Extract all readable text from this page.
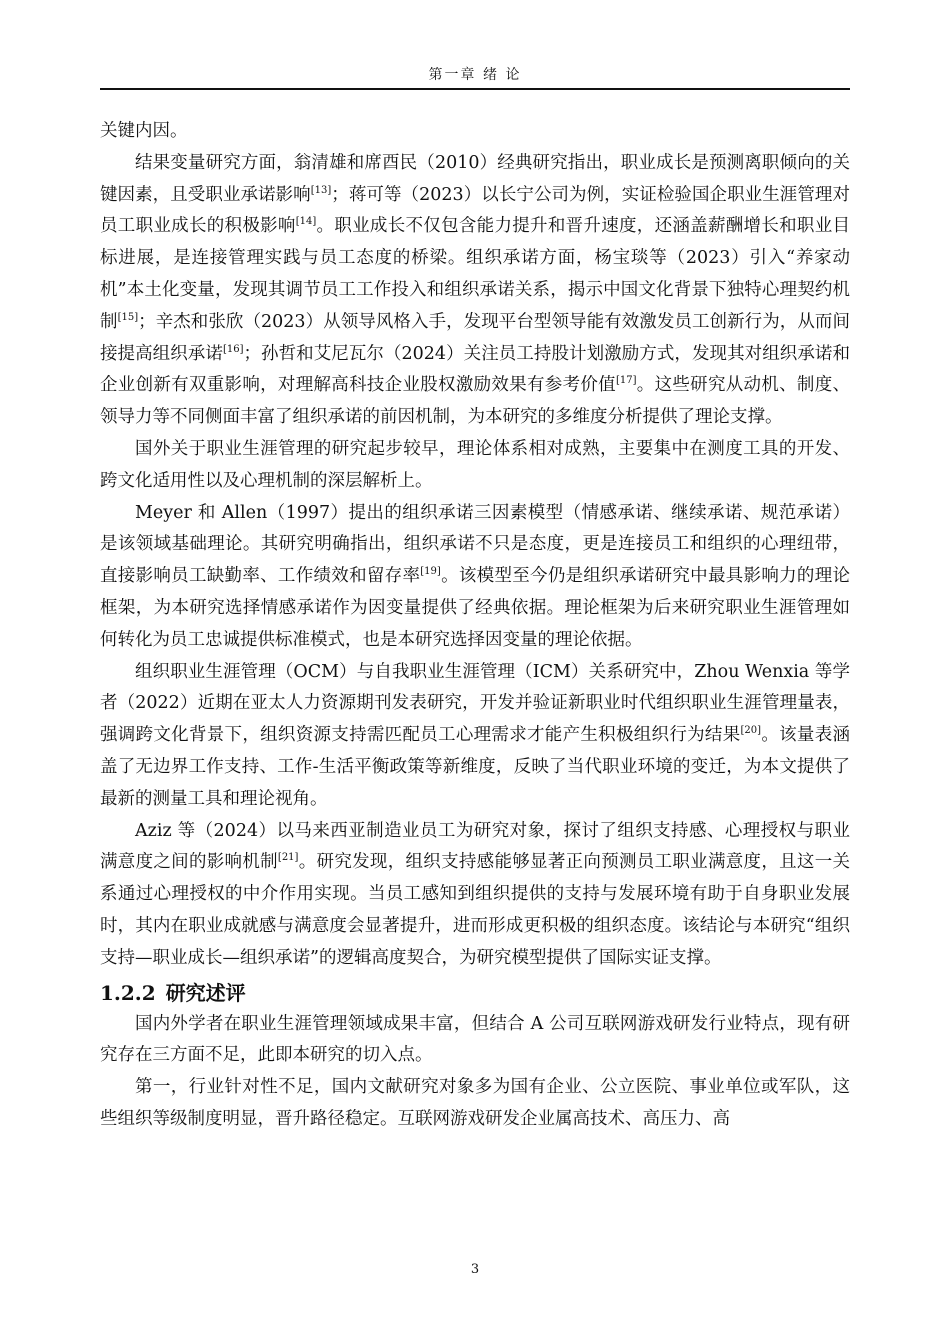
第一章 绪 论

关键内因。

结果变量研究方面，翁清雄和席酉民（2010）经典研究指出，职业成长是预测离职倾向的关键因素，且受职业承诺影响[13]；蒋可等（2023）以长宁公司为例，实证检验国企职业生涯管理对员工职业成长的积极影响[14]。职业成长不仅包含能力提升和晋升速度，还涵盖薪酬增长和职业目标进展，是连接管理实践与员工态度的桥梁。组织承诺方面，杨宝琰等（2023）引入“养家动机”本土化变量，发现其调节员工工作投入和组织承诺关系，揭示中国文化背景下独特心理契约机制[15]；辛杰和张欣（2023）从领导风格入手，发现平台型领导能有效激发员工创新行为，从而间接提高组织承诺[16]；孙哲和艾尼瓦尔（2024）关注员工持股计划激励方式，发现其对组织承诺和企业创新有双重影响，对理解高科技企业股权激励效果有参考价值[17]。这些研究从动机、制度、领导力等不同侧面丰富了组织承诺的前因机制，为本研究的多维度分析提供了理论支撑。

国外关于职业生涯管理的研究起步较早，理论体系相对成熟，主要集中在测度工具的开发、跨文化适用性以及心理机制的深层解析上。

Meyer 和 Allen（1997）提出的组织承诺三因素模型（情感承诺、继续承诺、规范承诺）是该领域基础理论。其研究明确指出，组织承诺不只是态度，更是连接员工和组织的心理纽带，直接影响员工缺勤率、工作绩效和留存率[19]。该模型至今仍是组织承诺研究中最具影响力的理论框架，为本研究选择情感承诺作为因变量提供了经典依据。理论框架为后来研究职业生涯管理如何转化为员工忠诚提供标准模式，也是本研究选择因变量的理论依据。

组织职业生涯管理（OCM）与自我职业生涯管理（ICM）关系研究中，Zhou Wenxia 等学者（2022）近期在亚太人力资源期刊发表研究，开发并验证新职业时代组织职业生涯管理量表，强调跨文化背景下，组织资源支持需匹配员工心理需求才能产生积极组织行为结果[20]。该量表涵盖了无边界工作支持、工作-生活平衡政策等新维度，反映了当代职业环境的变迁，为本文提供了最新的测量工具和理论视角。

Aziz 等（2024）以马来西亚制造业员工为研究对象，探讨了组织支持感、心理授权与职业满意度之间的影响机制[21]。研究发现，组织支持感能够显著正向预测员工职业满意度，且这一关系通过心理授权的中介作用实现。当员工感知到组织提供的支持与发展环境有助于自身职业发展时，其内在职业成就感与满意度会显著提升，进而形成更积极的组织态度。该结论与本研究“组织支持—职业成长—组织承诺”的逻辑高度契合，为研究模型提供了国际实证支撑。

1.2.2 研究述评

国内外学者在职业生涯管理领域成果丰富，但结合 A 公司互联网游戏研发行业特点，现有研究存在三方面不足，此即本研究的切入点。

第一，行业针对性不足，国内文献研究对象多为国有企业、公立医院、事业单位或军队，这些组织等级制度明显，晋升路径稳定。互联网游戏研发企业属高技术、高压力、高

3
